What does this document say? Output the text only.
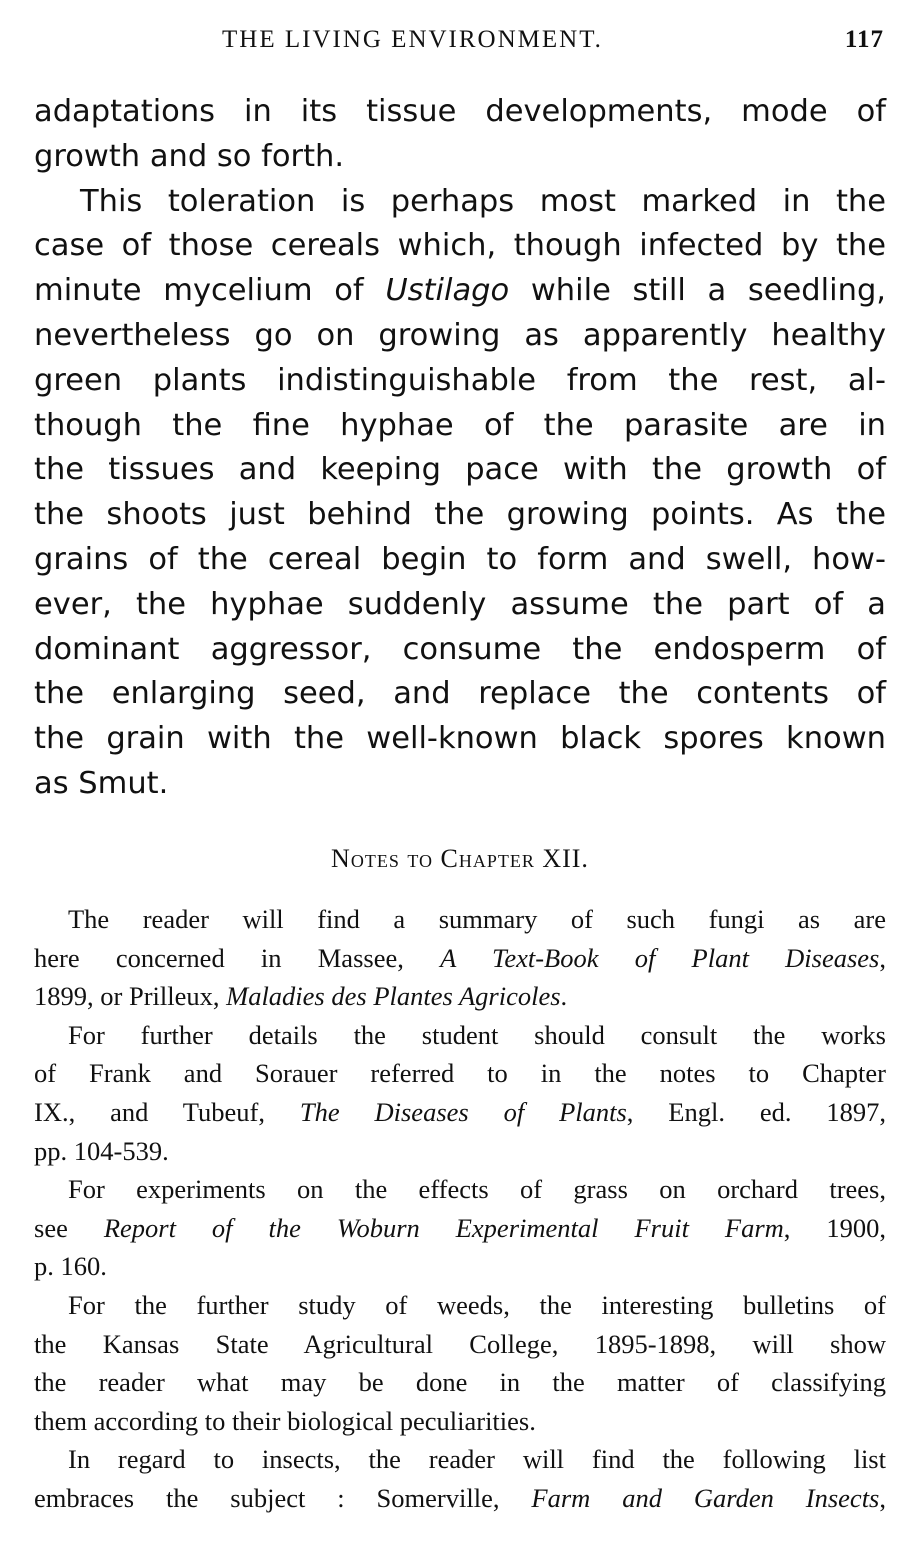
THE LIVING ENVIRONMENT.	117

adaptations in its tissue developments, mode of

growth and so forth.

This toleration is perhaps most marked in the

case of those cereals which, though infected by the

minute mycelium of Ustilago while still a seedling,

nevertheless go on growing as apparently healthy

green plants indistinguishable from the rest, al-

though the fine hyphae of the parasite are in

the tissues and keeping pace with the growth of

the shoots just behind the growing points. As the

grains of the cereal begin to form and swell, how-

ever, the hyphae suddenly assume the part of a

dominant aggressor, consume the endosperm of

the enlarging seed, and replace the contents of

the grain with the well-known black spores known

as Smut.

Notes to Chapter XII.

The reader will find a summary of such fungi as are

here concerned in Massee, A Text-Book of Plant Diseases,

1899, or Prilleux, Maladies des Plantes Agricoles.

For further details the student should consult the works

of Frank and Sorauer referred to in the notes to Chapter

IX., and Tubeuf, The Diseases of Plants, Engl. ed. 1897,

pp. 104-539.

For experiments on the effects of grass on orchard trees,

see Report of the Woburn Experimental Fruit Farm, 1900,

p. 160.

For the further study of weeds, the interesting bulletins of

the Kansas State Agricultural College, 1895-1898, will show

the reader what may be done in the matter of classifying

them according to their biological peculiarities.

In regard to insects, the reader will find the following list

embraces the subject : Somerville, Farm and Garden Insects,
